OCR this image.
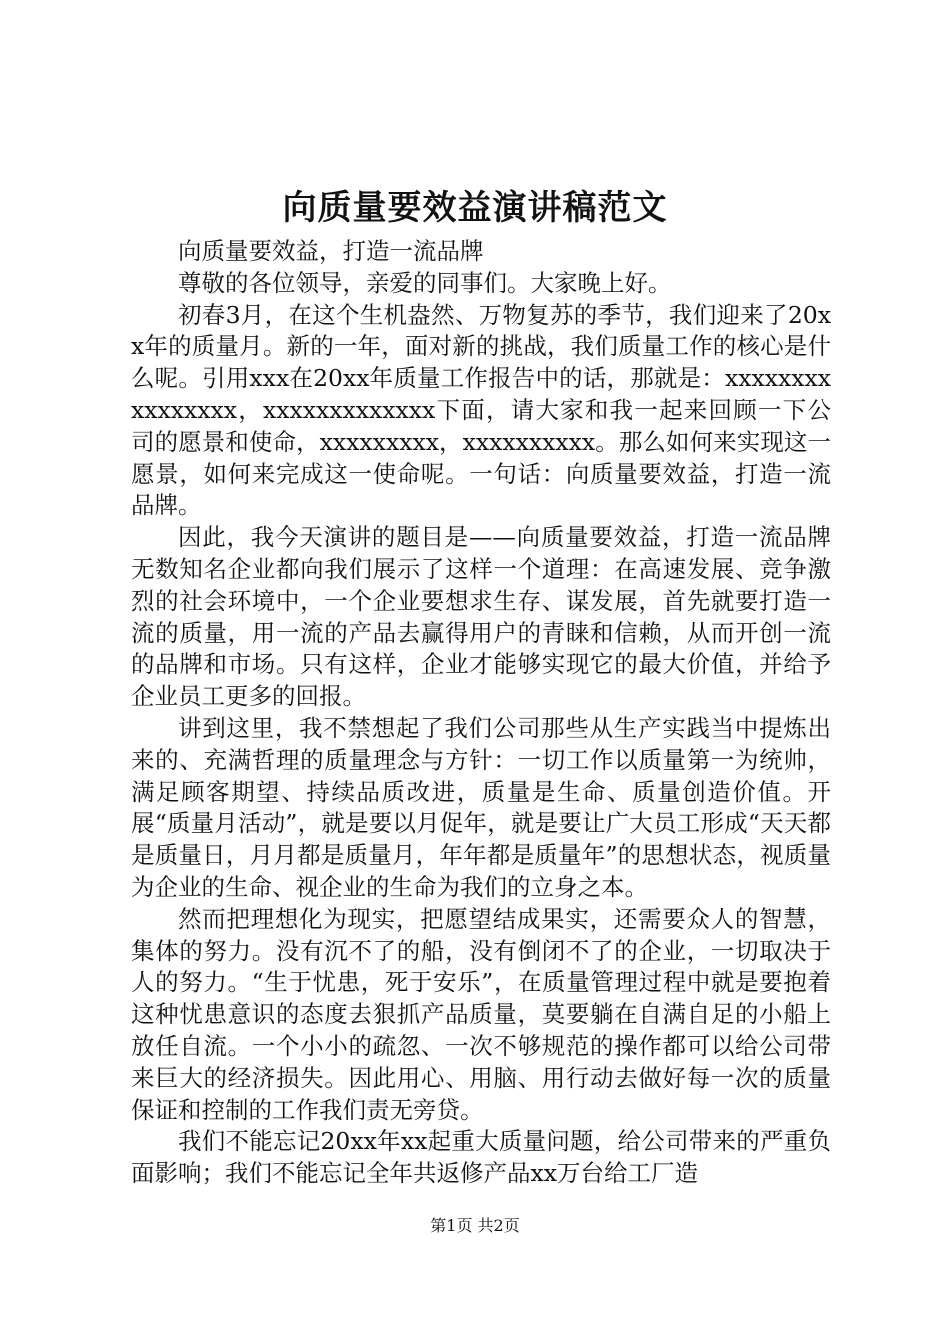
向质量要效益演讲稿范文

向质量要效益，打造一流品牌

尊敬的各位领导，亲爱的同事们。大家晚上好。

初春3月，在这个生机盎然、万物复苏的季节，我们迎来了20xx年的质量月。新的一年，面对新的挑战，我们质量工作的核心是什么呢。引用xxx在20xx年质量工作报告中的话，那就是：xxxxxxxxxxxxxxxx，xxxxxxxxxxxxx下面，请大家和我一起来回顾一下公司的愿景和使命，xxxxxxxxx，xxxxxxxxxx。那么如何来实现这一愿景，如何来完成这一使命呢。一句话：向质量要效益，打造一流品牌。

因此，我今天演讲的题目是——向质量要效益，打造一流品牌无数知名企业都向我们展示了这样一个道理：在高速发展、竞争激烈的社会环境中，一个企业要想求生存、谋发展，首先就要打造一流的质量，用一流的产品去赢得用户的青睐和信赖，从而开创一流的品牌和市场。只有这样，企业才能够实现它的最大价值，并给予企业员工更多的回报。

讲到这里，我不禁想起了我们公司那些从生产实践当中提炼出来的、充满哲理的质量理念与方针：一切工作以质量第一为统帅，满足顾客期望、持续品质改进，质量是生命、质量创造价值。开展“质量月活动”，就是要以月促年，就是要让广大员工形成“天天都是质量日，月月都是质量月，年年都是质量年”的思想状态，视质量为企业的生命、视企业的生命为我们的立身之本。

然而把理想化为现实，把愿望结成果实，还需要众人的智慧，集体的努力。没有沉不了的船，没有倒闭不了的企业，一切取决于人的努力。“生于忧患，死于安乐”，在质量管理过程中就是要抱着这种忧患意识的态度去狠抓产品质量，莫要躺在自满自足的小船上放任自流。一个小小的疏忽、一次不够规范的操作都可以给公司带来巨大的经济损失。因此用心、用脑、用行动去做好每一次的质量保证和控制的工作我们责无旁贷。

我们不能忘记20xx年xx起重大质量问题，给公司带来的严重负面影响；我们不能忘记全年共返修产品xx万台给工厂造

第1页 共2页
